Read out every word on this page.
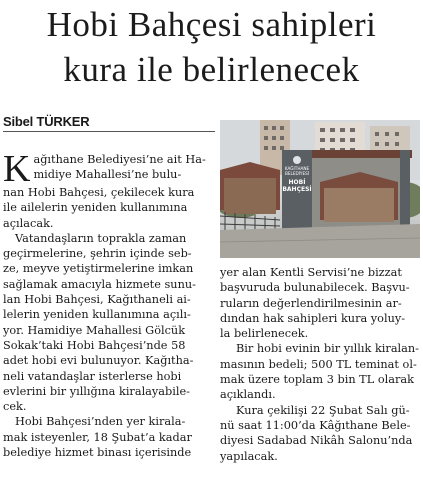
Hobi Bahçesi sahipleri
kura ile belirlenecek
Sibel TÜRKER
K ağıthane Belediyesi’ne ait Ha-
midiye Mahallesi’ne bulu-
nan Hobi Bahçesi, çekilecek kura
ile ailelerin yeniden kullanımına
açılacak.
Vatandaşların toprakla zaman
geçirmelerine, şehrin içinde seb-
ze, meyve yetiştirmelerine imkan
sağlamak amacıyla hizmete sunu-
lan Hobi Bahçesi, Kağıthaneli ai-
lelerin yeniden kullanımına açılı-
yor. Hamidiye Mahallesi Gölcük
Sokak’taki Hobi Bahçesi’nde 58
adet hobi evi bulunuyor. Kağıtha-
neli vatandaşlar isterlerse hobi
evlerini bir yıllığına kiralayabile-
cek.
Hobi Bahçesi’nden yer kirala-
mak isteyenler, 18 Şubat’a kadar
belediye hizmet binası içerisinde
KAĞITHANE
BELEDİYESİ
HOBİ
BAHÇESİ
yer alan Kentli Servisi’ne bizzat
başvuruda bulunabilecek. Başvu-
ruların değerlendirilmesinin ar-
dından hak sahipleri kura yoluy-
la belirlenecek.
Bir hobi evinin bir yıllık kiralan-
masının bedeli; 500 TL teminat ol-
mak üzere toplam 3 bin TL olarak
açıklandı.
Kura çekilişi 22 Şubat Salı gü-
nü saat 11:00’da Kâğıthane Bele-
diyesi Sadabad Nikâh Salonu’nda
yapılacak.
